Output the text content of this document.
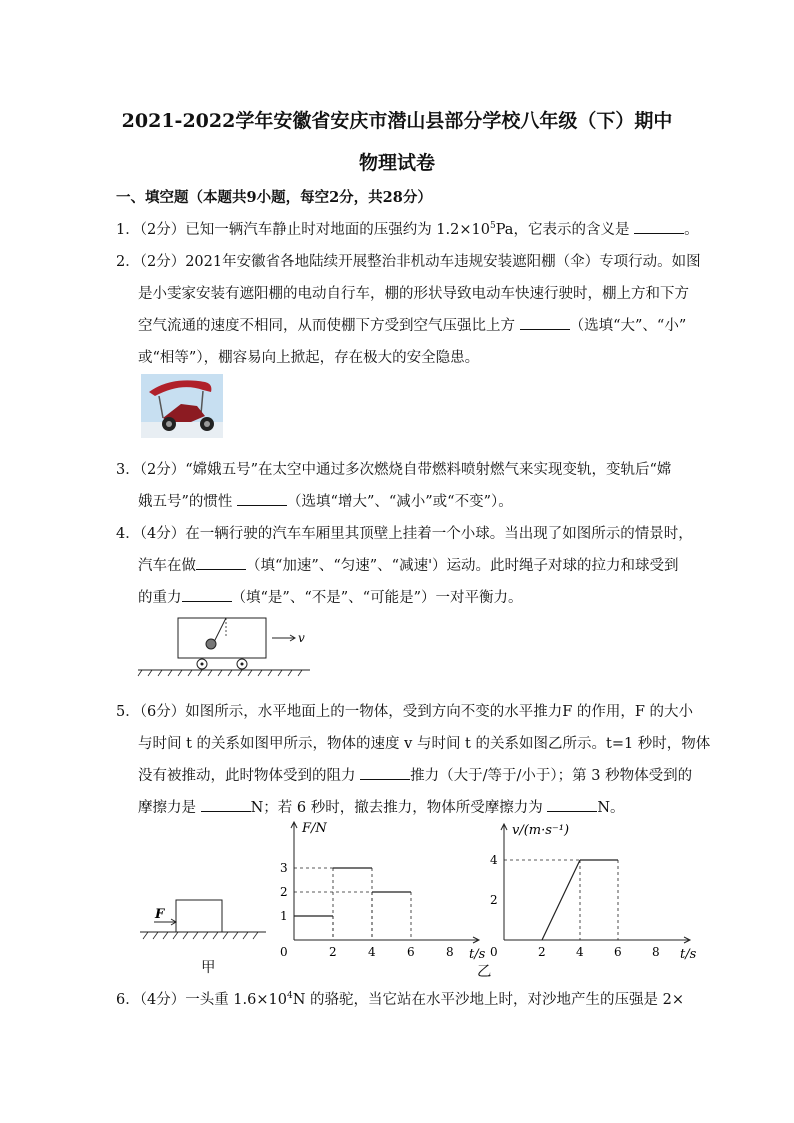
2021-2022学年安徽省安庆市潜山县部分学校八年级（下）期中
物理试卷
一、填空题（本题共9小题，每空2分，共28分）
1．（2分）已知一辆汽车静止时对地面的压强约为 $1.2\times 10^5Pa$，它表示的含义是	。
2．（2分）2021年安徽省各地陆续开展整治非机动车违规安装遮阳棚（伞）专项行动。如图
是小雯家安装有遮阳棚的电动自行车，棚的形状导致电动车快速行驶时，棚上方和下方
空气流通的速度不相同，从而使棚下方受到空气压强比上方	（选填“大”、“小”
或“相等”），棚容易向上掀起，存在极大的安全隐患。
3．（2分）“嫦娥五号”在太空中通过多次燃烧自带燃料喷射燃气来实现变轨，变轨后“嫦
娥五号”的惯性	（选填“增大”、“减小”或“不变”）。
4．（4分）在一辆行驶的汽车车厢里其顶壁上挂着一个小球。当出现了如图所示的情景时，
汽车在做	（填“加速”、“匀速”、“减速'）运动。此时绳子对球的拉力和球受到
的重力	（填“是”、“不是”、“可能是”）一对平衡力。
v
5．（6分）如图所示，水平地面上的一物体，受到方向不变的水平推力F 的作用，F 的大小
与时间 t 的关系如图甲所示，物体的速度 v 与时间 t 的关系如图乙所示。t=1 秒时，物体
没有被推动，此时物体受到的阻力	推力（大于/等于/小于）；第 3 秒物体受到的
摩擦力是	N；若 6 秒时，撤去推力，物体所受摩擦力为	N。
F
甲
F/N
t/s
0	2	4	6	8
1
2
3
v/(m·s⁻¹)
t/s
0	2	4	6	8
2
4
乙
6．（4分）一头重 $1.6\times 10^4N$ 的骆驼，当它站在水平沙地上时，对沙地产生的压强是 2×
